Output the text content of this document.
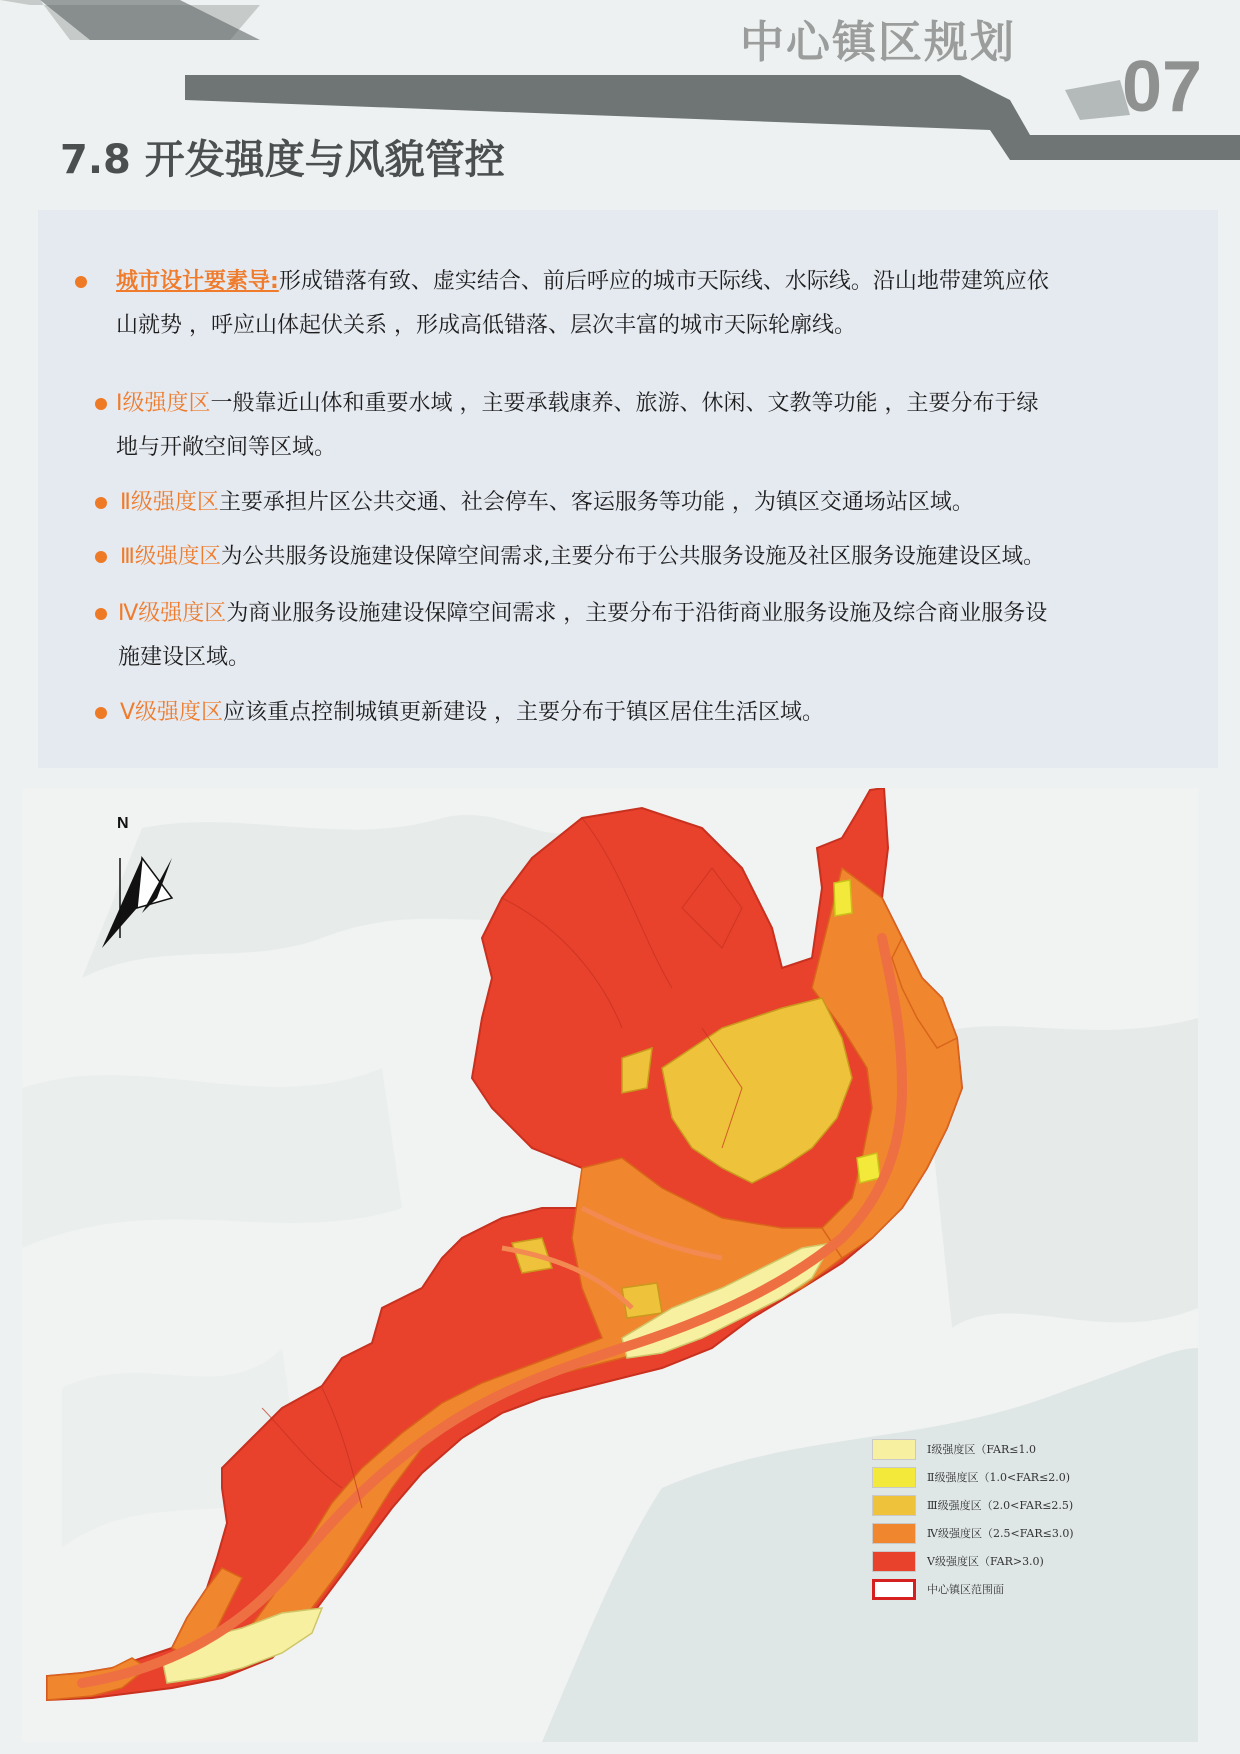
中心镇区规划
07
7.8 开发强度与风貌管控
城市设计要素导:形成错落有致、虚实结合、前后呼应的城市天际线、水际线。沿山地带建筑应依
山就势 ，呼应山体起伏关系 ，形成高低错落、层次丰富的城市天际轮廓线。
Ⅰ级强度区一般靠近山体和重要水域 ，主要承载康养、旅游、休闲、文教等功能 ，主要分布于绿
地与开敞空间等区域。
Ⅱ级强度区主要承担片区公共交通、社会停车、客运服务等功能 ，为镇区交通场站区域。
Ⅲ级强度区为公共服务设施建设保障空间需求,主要分布于公共服务设施及社区服务设施建设区域。
Ⅳ级强度区为商业服务设施建设保障空间需求 ，主要分布于沿街商业服务设施及综合商业服务设
施建设区域。
Ⅴ级强度区应该重点控制城镇更新建设 ，主要分布于镇区居住生活区域。
N
Ⅰ级强度区（FAR≤1.0
Ⅱ级强度区（1.0<FAR≤2.0)
Ⅲ级强度区（2.0<FAR≤2.5)
Ⅳ级强度区（2.5<FAR≤3.0)
Ⅴ级强度区（FAR>3.0)
中心镇区范围面
